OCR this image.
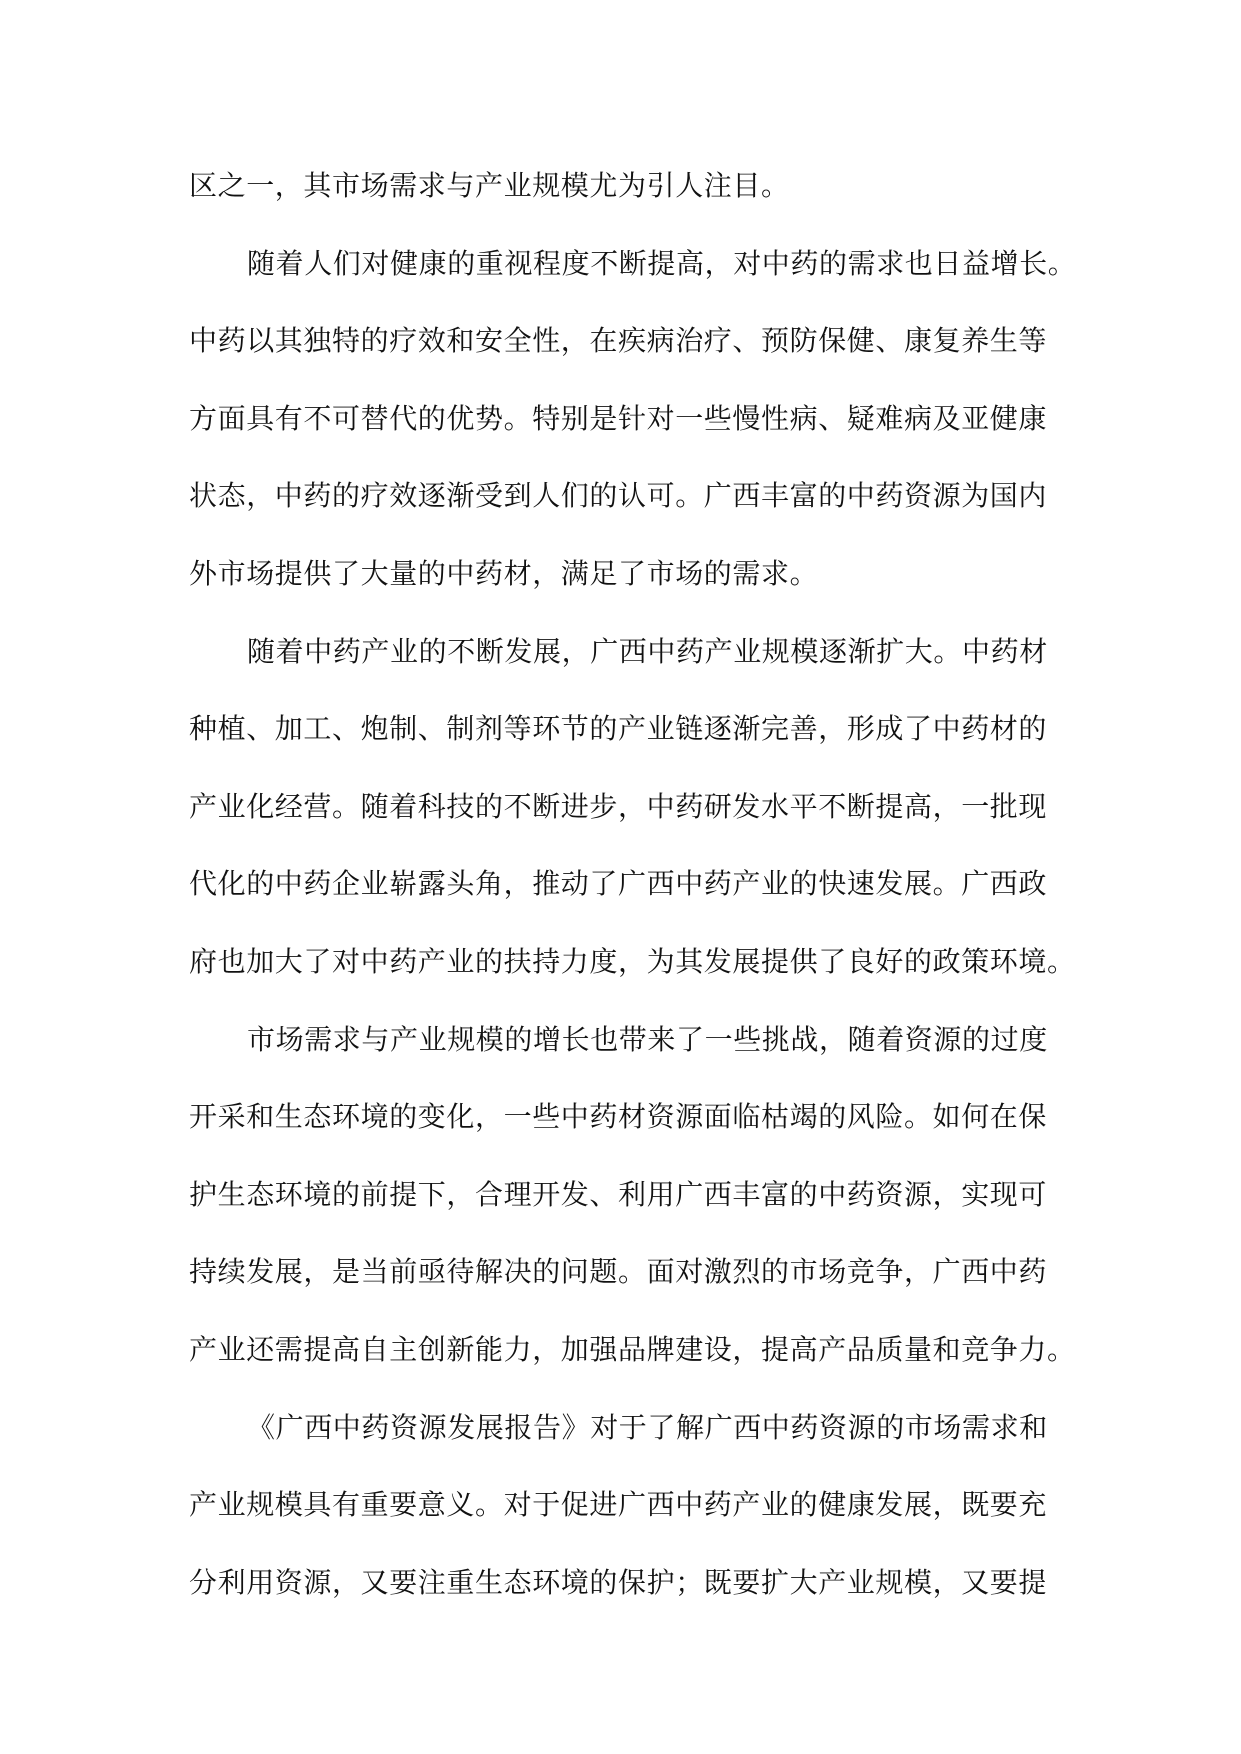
区之一，其市场需求与产业规模尤为引人注目。
随着人们对健康的重视程度不断提高，对中药的需求也日益增长。
中药以其独特的疗效和安全性，在疾病治疗、预防保健、康复养生等
方面具有不可替代的优势。特别是针对一些慢性病、疑难病及亚健康
状态，中药的疗效逐渐受到人们的认可。广西丰富的中药资源为国内
外市场提供了大量的中药材，满足了市场的需求。
随着中药产业的不断发展，广西中药产业规模逐渐扩大。中药材
种植、加工、炮制、制剂等环节的产业链逐渐完善，形成了中药材的
产业化经营。随着科技的不断进步，中药研发水平不断提高，一批现
代化的中药企业崭露头角，推动了广西中药产业的快速发展。广西政
府也加大了对中药产业的扶持力度，为其发展提供了良好的政策环境。
市场需求与产业规模的增长也带来了一些挑战，随着资源的过度
开采和生态环境的变化，一些中药材资源面临枯竭的风险。如何在保
护生态环境的前提下，合理开发、利用广西丰富的中药资源，实现可
持续发展，是当前亟待解决的问题。面对激烈的市场竞争，广西中药
产业还需提高自主创新能力，加强品牌建设，提高产品质量和竞争力。
《广西中药资源发展报告》对于了解广西中药资源的市场需求和
产业规模具有重要意义。对于促进广西中药产业的健康发展，既要充
分利用资源，又要注重生态环境的保护；既要扩大产业规模，又要提
